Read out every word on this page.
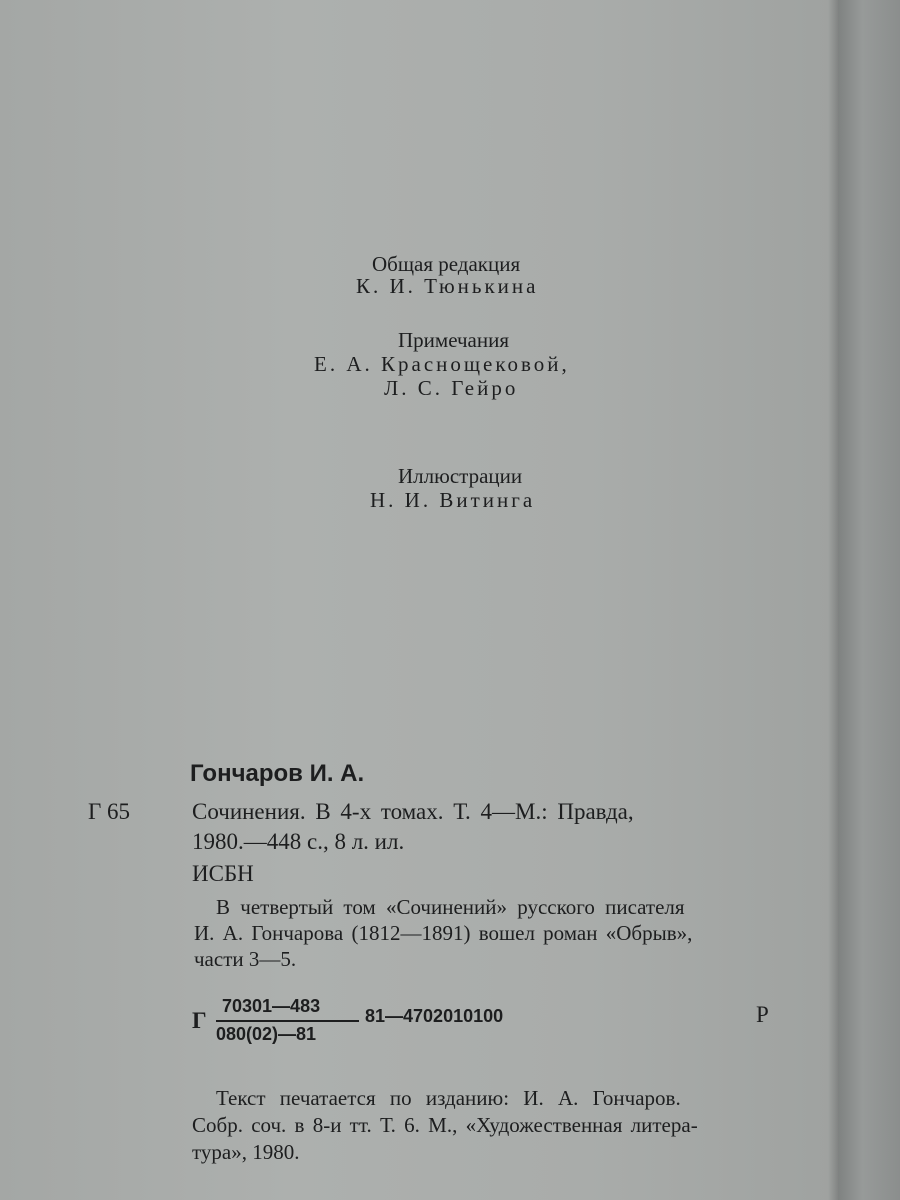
Общая редакция
К. И. Тюнькина
Примечания
Е. А. Краснощековой,
Л. С. Гейро
Иллюстрации
Н. И. Витинга
Гончаров И. А.
Г 65	Сочинения. В 4-х томах. Т. 4—М.: Правда,
1980.—448 с., 8 л. ил.
ИСБН
В четвертый том «Сочинений» русского писателя
И. А. Гончарова (1812—1891) вошел роман «Обрыв»,
части 3—5.
Г
70301—483
080(02)—81
81—4702010100	Р
Текст печатается по изданию: И. А. Гончаров.
Собр. соч. в 8-и тт. Т. 6. М., «Художественная литера-
тура», 1980.
